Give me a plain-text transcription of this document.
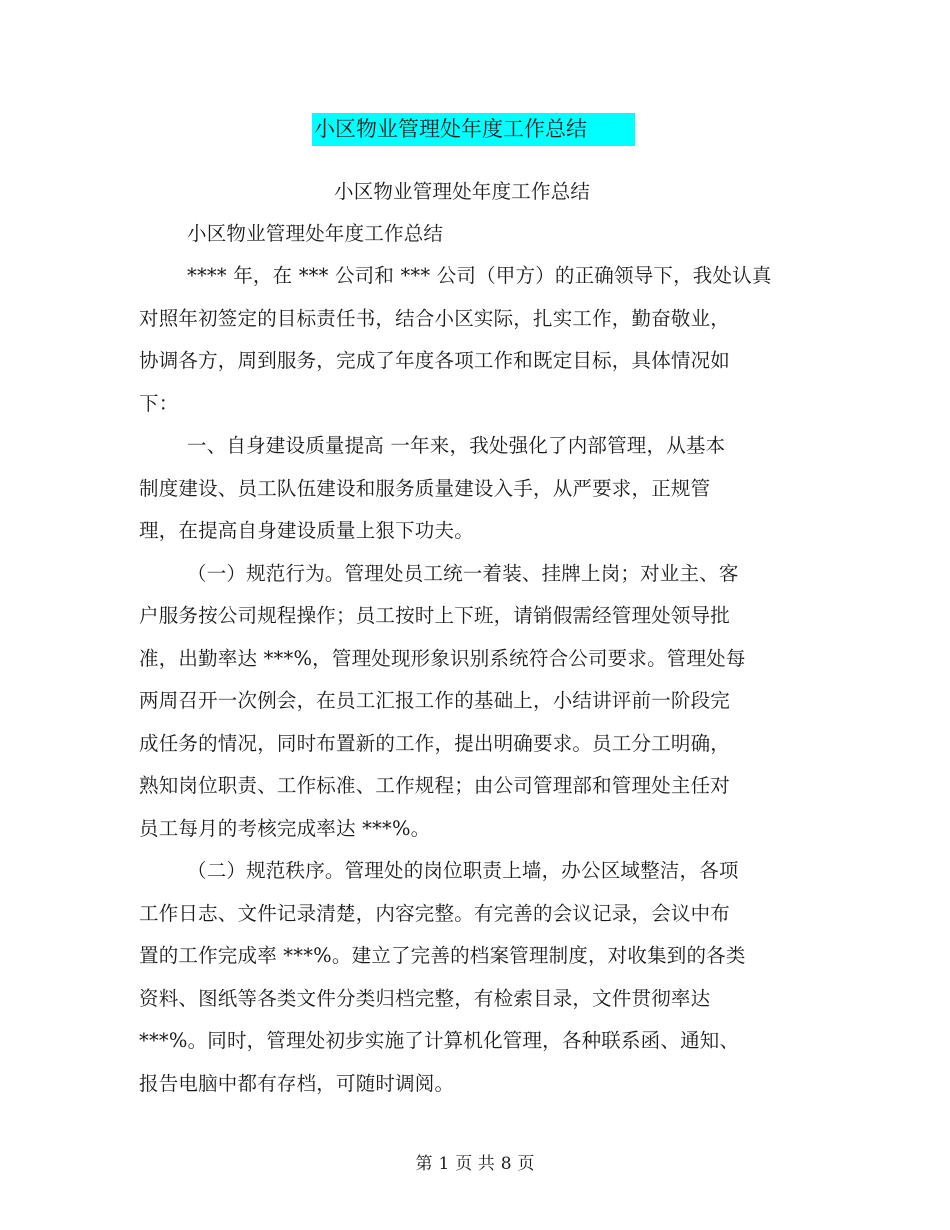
小区物业管理处年度工作总结
小区物业管理处年度工作总结
小区物业管理处年度工作总结
**** 年，在 *** 公司和 *** 公司（甲方）的正确领导下，我处认真
对照年初签定的目标责任书，结合小区实际，扎实工作，勤奋敬业，
协调各方，周到服务，完成了年度各项工作和既定目标，具体情况如
下：
一、自身建设质量提高 一年来，我处强化了内部管理，从基本
制度建设、员工队伍建设和服务质量建设入手，从严要求，正规管
理，在提高自身建设质量上狠下功夫。
（一）规范行为。管理处员工统一着装、挂牌上岗；对业主、客
户服务按公司规程操作；员工按时上下班，请销假需经管理处领导批
准，出勤率达 ***%，管理处现形象识别系统符合公司要求。管理处每
两周召开一次例会，在员工汇报工作的基础上，小结讲评前一阶段完
成任务的情况，同时布置新的工作，提出明确要求。员工分工明确，
熟知岗位职责、工作标准、工作规程；由公司管理部和管理处主任对
员工每月的考核完成率达 ***%。
（二）规范秩序。管理处的岗位职责上墙，办公区域整洁，各项
工作日志、文件记录清楚，内容完整。有完善的会议记录，会议中布
置的工作完成率 ***%。建立了完善的档案管理制度，对收集到的各类
资料、图纸等各类文件分类归档完整，有检索目录，文件贯彻率达
***%。同时，管理处初步实施了计算机化管理，各种联系函、通知、
报告电脑中都有存档，可随时调阅。
第 1 页 共 8 页
